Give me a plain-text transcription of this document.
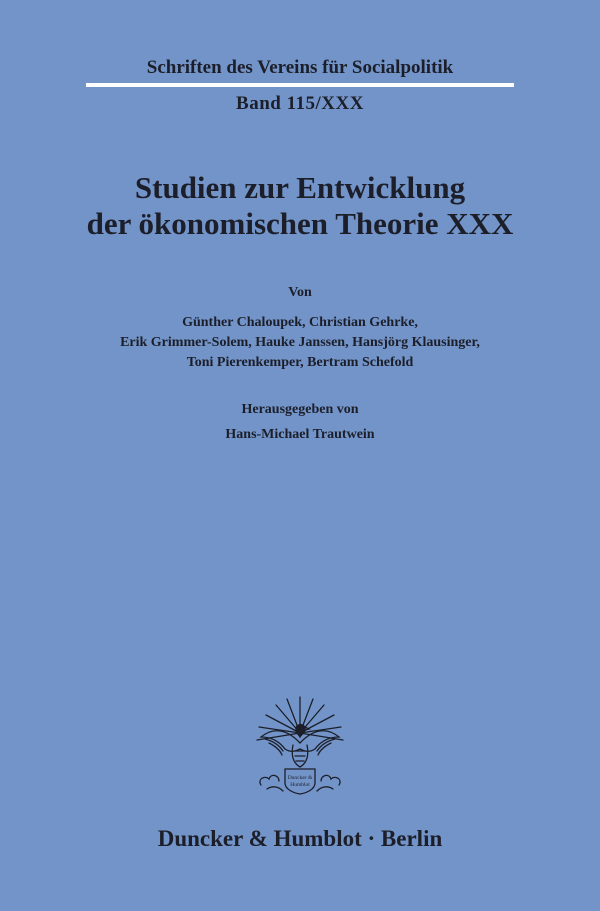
Schriften des Vereins für Socialpolitik
Band 115/XXX
Studien zur Entwicklung
der ökonomischen Theorie XXX
Von
Günther Chaloupek, Christian Gehrke,
Erik Grimmer-Solem, Hauke Janssen, Hansjörg Klausinger,
Toni Pierenkemper, Bertram Schefold
Herausgegeben von
Hans-Michael Trautwein
Duncker &
Humblot
Duncker & Humblot · Berlin
